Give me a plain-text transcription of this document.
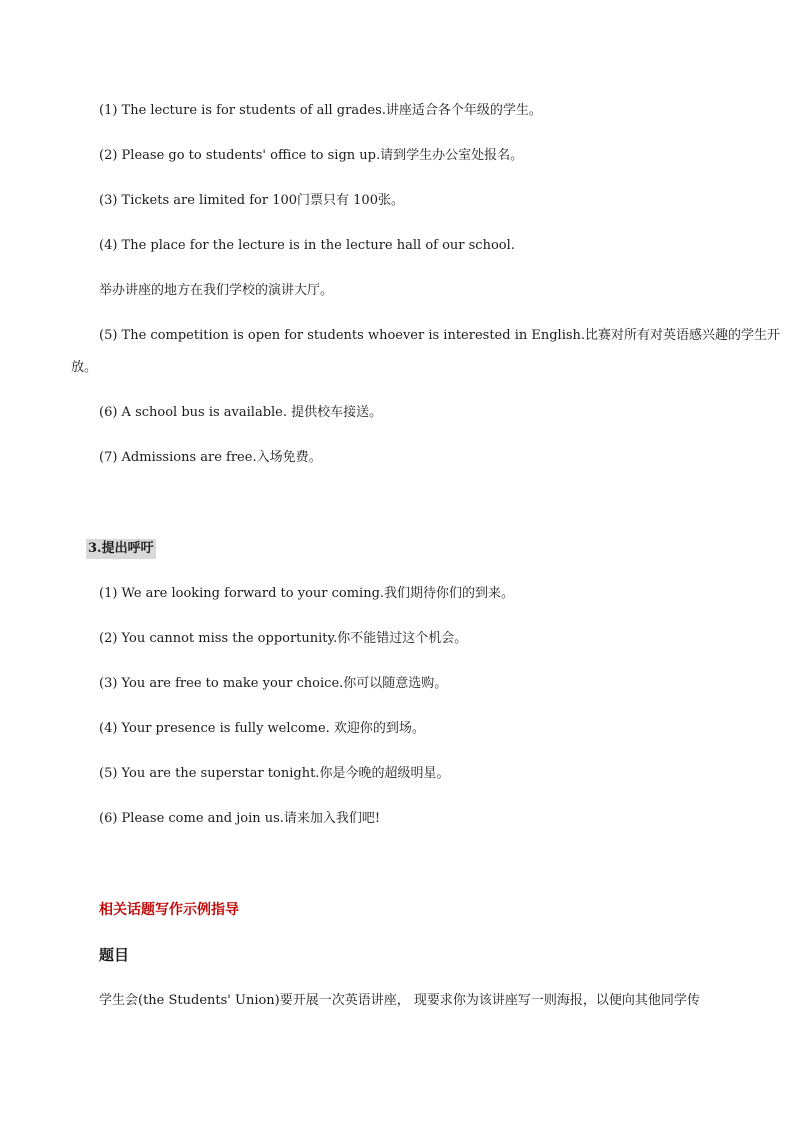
(1) The lecture is for students of all grades.讲座适合各个年级的学生。
(2) Please go to students' office to sign up.请到学生办公室处报名。
(3) Tickets are limited for 100门票只有 100张。
(4) The place for the lecture is in the lecture hall of our school.
举办讲座的地方在我们学校的演讲大厅。
(5) The competition is open for students whoever is interested in English.比赛对所有对英语感兴趣的学生开
放。
(6) A school bus is available. 提供校车接送。
(7) Admissions are free.入场免费。
3.提出呼吁
(1) We are looking forward to your coming.我们期待你们的到来。
(2) You cannot miss the opportunity.你不能错过这个机会。
(3) You are free to make your choice.你可以随意选购。
(4) Your presence is fully welcome. 欢迎你的到场。
(5) You are the superstar tonight.你是今晚的超级明星。
(6) Please come and join us.请来加入我们吧!
相关话题写作示例指导
题目
学生会(the Students' Union)要开展一次英语讲座， 现要求你为该讲座写一则海报，以便向其他同学传
